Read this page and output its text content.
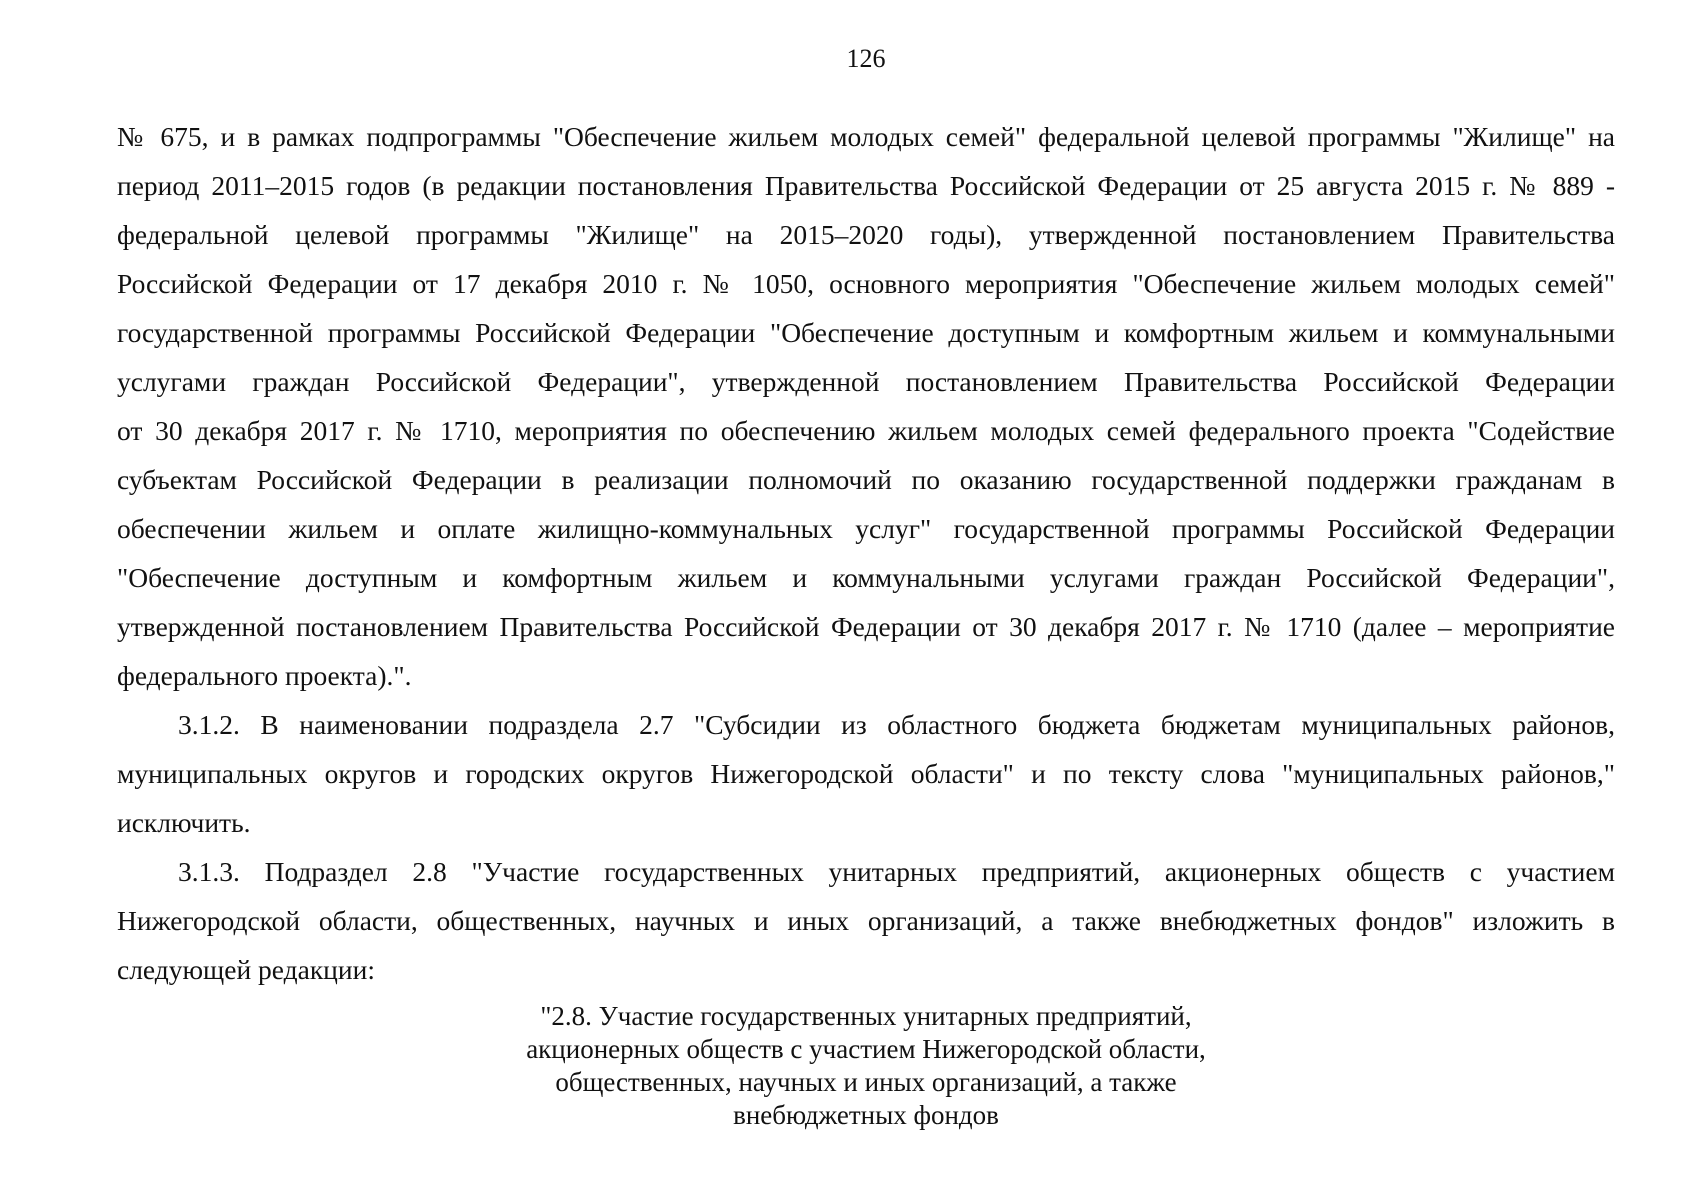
126
№ 675, и в рамках подпрограммы "Обеспечение жильем молодых семей" федеральной целевой программы "Жилище" на
период 2011–2015 годов (в редакции постановления Правительства Российской Федерации от 25 августа 2015 г. № 889 -
федеральной целевой программы "Жилище" на 2015–2020 годы), утвержденной постановлением Правительства
Российской Федерации от 17 декабря 2010 г. № 1050, основного мероприятия "Обеспечение жильем молодых семей"
государственной программы Российской Федерации "Обеспечение доступным и комфортным жильем и коммунальными
услугами граждан Российской Федерации", утвержденной постановлением Правительства Российской Федерации
от 30 декабря 2017 г. № 1710, мероприятия по обеспечению жильем молодых семей федерального проекта "Содействие
субъектам Российской Федерации в реализации полномочий по оказанию государственной поддержки гражданам в
обеспечении жильем и оплате жилищно-коммунальных услуг" государственной программы Российской Федерации
"Обеспечение доступным и комфортным жильем и коммунальными услугами граждан Российской Федерации",
утвержденной постановлением Правительства Российской Федерации от 30 декабря 2017 г. № 1710 (далее – мероприятие
федерального проекта).".
3.1.2. В наименовании подраздела 2.7 "Субсидии из областного бюджета бюджетам муниципальных районов,
муниципальных округов и городских округов Нижегородской области" и по тексту слова "муниципальных районов,"
исключить.
3.1.3. Подраздел 2.8 "Участие государственных унитарных предприятий, акционерных обществ с участием
Нижегородской области, общественных, научных и иных организаций, а также внебюджетных фондов" изложить в
следующей редакции:
"2.8. Участие государственных унитарных предприятий,
акционерных обществ с участием Нижегородской области,
общественных, научных и иных организаций, а также
внебюджетных фондов
